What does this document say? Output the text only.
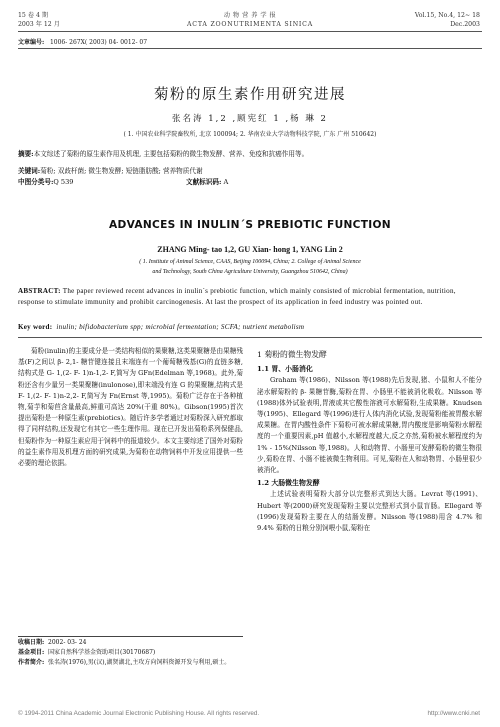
15 卷 4 期
2003 年 12 月
动 物 营 养 学 报
ACTA ZOONUTRIMENTA SINICA
Vol.15, No.4, 12~ 18
Dec.2003
文章编号: 1006- 267X( 2003) 04- 0012- 07
菊粉的原生素作用研究进展
张名涛 1,2 ,顾宪红 1 ,杨 琳 2
( 1. 中国农业科学院畜牧所, 北京 100094; 2. 华南农业大学动物科技学院, 广东 广州 510642)
摘要:本文综述了菊粉的原生素作用及机理, 主要包括菊粉的微生物发酵、营养、免疫和抗癌作用等。
关键词:菊粉; 双歧杆菌; 微生物发酵; 短链脂肪酸; 营养物质代谢
中图分类号:Q 539	文献标识码: A
ADVANCES IN INULIN´S PREBIOTIC FUNCTION
ZHANG Ming- tao 1,2, GU Xian- hong 1, YANG Lin 2
( 1. Institute of Animal Science, CAAS, Beijing 100094, China; 2. College of Animal Science
and Technology, South China Agriculture University, Guangzhou 510642, China)
ABSTRACT: The paper reviewed recent advances in inulin´s prebiotic function, which mainly consisted of microbial fermentation, nutrition, response to stimulate immunity and prohibit carcinogenesis. At last the prospect of its application in feed industry was pointed out.
Key word: inulin; bifidobacterium spp; microbial fermentation; SCFA; nutrient metabolism

菊粉(inulin)的主要成分是一类结构相似的果聚糖,这类果聚糖是由果糖残基(F)之间以 β- 2,1- 糖苷键连接且末端连有一个葡萄糖残基(G)的直链多糖,结构式是 G- 1,(2- F- 1)n-1,2- F,简写为 GFn(Edelman 等,1968)。此外,菊粉还含有少量另一类果聚糖(inulonose),即末端没有连 G 的果聚糖,结构式是 F- 1,(2- F- 1)n-2,2- F,简写为 Fn(Ernst 等,1995)。菊粉广泛存在于各种植物,菊芋和菊苣含量最高,鲜重可高达 20%(干重 80%)。Gibson(1995)首次提出菊粉是一种原生素(prebiotics)。随后许多学者通过对菊粉深入研究都取得了同样结构,还发现它有其它一些生理作用。现在已开发出菊粉系列保健品,但菊粉作为一种原生素应用于饲料中的报道较少。本文主要综述了国外对菊粉的益生素作用及机理方面的研究成果,为菊粉在动物饲料中开发应用提供一些必要的理论依据。

收稿日期: 2002- 03- 24
基金项目: 国家自然科学基金资助项目(30170687)
作者简介: 张名涛(1976),男(汉),湖贤湖北,主攻方向饲料资源开发与利用,硕士。
1 菊粉的微生物发酵
1.1 胃、小肠消化

Graham 等(1986)、Nilsson 等(1988)先后发现,猪、小鼠和人不能分泌水解菊粉的 β- 果糖苷酶,菊粉在胃、小肠里不能被消化吸收。Nilsson 等(1988)体外试验表明,胃液或其它酸性溶液可水解菊粉,生成果糖。Knudsen 等(1995)、Ellegard 等(1996)进行人体内消化试验,发现菊粉能被胃酸水解成果糖。在胃内酸性条件下菊粉可被水解成果糖,胃内酸度是影响菊粉水解程度的一个重要因素,pH 值越小,水解程度越大,反之亦然,菊粉被水解程度约为 1% - 15%(Nilsson 等,1988)。人和动物胃、小肠里可发酵菊粉的微生物很少,菊粉在胃、小肠不能被微生物利用。可见,菊粉在人和动物胃、小肠里很少被消化。

1.2 大肠微生物发酵

上述试验表明菊粉大部分以完整形式到达大肠。Levrat 等(1991)、Hubert 等(2000)研究发现菊粉主要以完整形式到小鼠盲肠。Ellegard 等(1996)发现菊粉主要在人的结肠发酵。Nilsson 等(1988)用含 4.7% 和 9.4% 菊粉的日粮分别饲喂小鼠,菊粉在

© 1994-2011 China Academic Journal Electronic Publishing House. All rights reserved.	http://www.cnki.net
